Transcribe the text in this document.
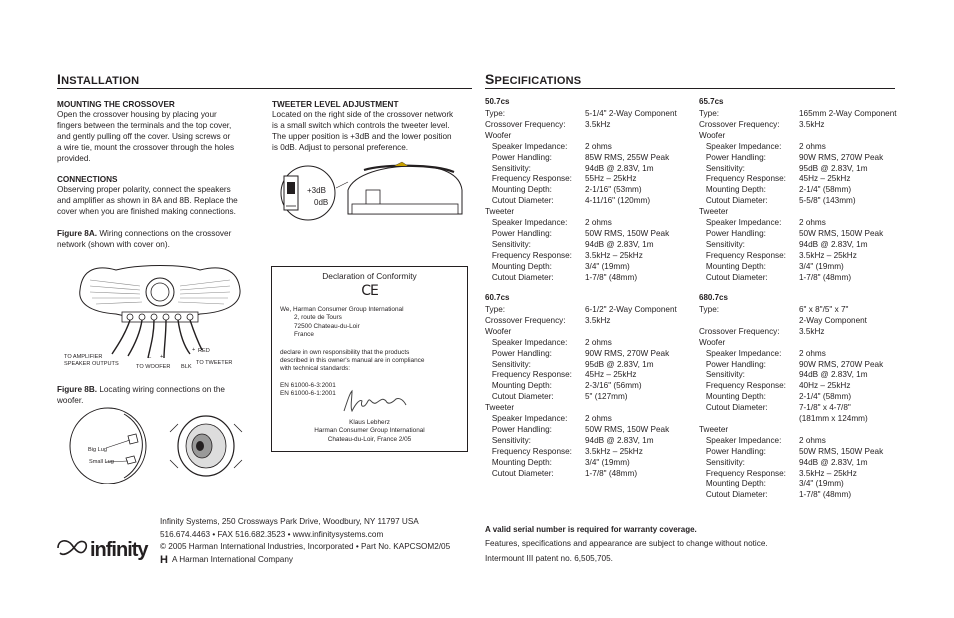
INSTALLATION
MOUNTING THE CROSSOVER
Open the crossover housing by placing your
fingers between the terminals and the top cover,
and gently pulling off the cover. Using screws or
a wire tie, mount the crossover through the holes
provided.
CONNECTIONS
Observing proper polarity, connect the speakers
and amplifier as shown in 8A and 8B. Replace the
cover when you are finished making connections.
Figure 8A. Wiring connections on the crossover
network (shown with cover on).
TO AMPLIFIER
SPEAKER OUTPUTS
– +
TO WOOFER BLK
+ RED
TO TWEETER
Figure 8B. Locating wiring connections on the
woofer.
Big Lug
Small Lug
TWEETER LEVEL ADJUSTMENT
Located on the right side of the crossover network
is a small switch which controls the tweeter level.
The upper position is +3dB and the lower position
is 0dB. Adjust to personal preference.
+3dB
0dB
Declaration of Conformity
CE
We, Harman Consumer Group International
2, route de Tours
72500 Chateau-du-Loir
France
declare in own responsibility that the products
described in this owner's manual are in compliance
with technical standards:
EN 61000-6-3:2001
EN 61000-6-1:2001
Klaus Lebherz
Harman Consumer Group International
Chateau-du-Loir, France 2/05
SPECIFICATIONS
50.7cs
Type:	5-1/4" 2-Way Component
Crossover Frequency: 3.5kHz
Woofer
Speaker Impedance: 2 ohms
Power Handling:	85W RMS, 255W Peak
Sensitivity:	94dB @ 2.83V, 1m
Frequency Response: 55Hz – 25kHz
Mounting Depth:	2-1/16" (53mm)
Cutout Diameter:	4-11/16" (120mm)
Tweeter
Speaker Impedance: 2 ohms
Power Handling:	50W RMS, 150W Peak
Sensitivity:	94dB @ 2.83V, 1m
Frequency Response: 3.5kHz – 25kHz
Mounting Depth:	3/4" (19mm)
Cutout Diameter:	1-7/8" (48mm)
60.7cs
Type:	6-1/2" 2-Way Component
Crossover Frequency: 3.5kHz
Woofer
Speaker Impedance: 2 ohms
Power Handling:	90W RMS, 270W Peak
Sensitivity:	95dB @ 2.83V, 1m
Frequency Response: 45Hz – 25kHz
Mounting Depth:	2-3/16" (56mm)
Cutout Diameter:	5" (127mm)
Tweeter
Speaker Impedance: 2 ohms
Power Handling:	50W RMS, 150W Peak
Sensitivity:	94dB @ 2.83V, 1m
Frequency Response: 3.5kHz – 25kHz
Mounting Depth:	3/4" (19mm)
Cutout Diameter:	1-7/8" (48mm)
65.7cs
Type:	165mm 2-Way Component
Crossover Frequency: 3.5kHz
Woofer
Speaker Impedance: 2 ohms
Power Handling:	90W RMS, 270W Peak
Sensitivity:	95dB @ 2.83V, 1m
Frequency Response: 45Hz – 25kHz
Mounting Depth:	2-1/4" (58mm)
Cutout Diameter:	5-5/8" (143mm)
Tweeter
Speaker Impedance: 2 ohms
Power Handling:	50W RMS, 150W Peak
Sensitivity:	94dB @ 2.83V, 1m
Frequency Response: 3.5kHz – 25kHz
Mounting Depth:	3/4" (19mm)
Cutout Diameter:	1-7/8" (48mm)
680.7cs
Type:	6" x 8"/5" x 7"
2-Way Component
Crossover Frequency: 3.5kHz
Woofer
Speaker Impedance: 2 ohms
Power Handling:	90W RMS, 270W Peak
Sensitivity:	94dB @ 2.83V, 1m
Frequency Response: 40Hz – 25kHz
Mounting Depth:	2-1/4" (58mm)
Cutout Diameter:	7-1/8" x 4-7/8"
(181mm x 124mm)
Tweeter
Speaker Impedance: 2 ohms
Power Handling:	50W RMS, 150W Peak
Sensitivity:	94dB @ 2.83V, 1m
Frequency Response: 3.5kHz – 25kHz
Mounting Depth:	3/4" (19mm)
Cutout Diameter:	1-7/8" (48mm)
A valid serial number is required for warranty coverage.
Features, specifications and appearance are subject to change without notice.
Intermount III patent no. 6,505,705.
infinity
Infinity Systems, 250 Crossways Park Drive, Woodbury, NY 11797 USA
516.674.4463 • FAX 516.682.3523 • www.infinitysystems.com
© 2005 Harman International Industries, Incorporated • Part No. KAPCSOM2/05
H A Harman International Company
